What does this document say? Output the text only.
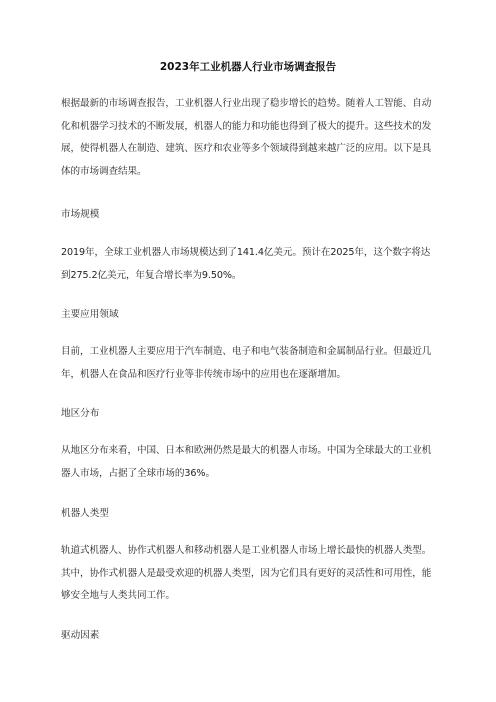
2023年工业机器人行业市场调查报告

根据最新的市场调查报告，工业机器人行业出现了稳步增长的趋势。随着人工智能、自动化和机器学习技术的不断发展，机器人的能力和功能也得到了极大的提升。这些技术的发展，使得机器人在制造、建筑、医疗和农业等多个领域得到越来越广泛的应用。以下是具体的市场调查结果。

市场规模

2019年，全球工业机器人市场规模达到了141.4亿美元。预计在2025年，这个数字将达到275.2亿美元，年复合增长率为9.50%。

主要应用领域

目前，工业机器人主要应用于汽车制造、电子和电气装备制造和金属制品行业。但最近几年，机器人在食品和医疗行业等非传统市场中的应用也在逐渐增加。

地区分布

从地区分布来看，中国、日本和欧洲仍然是最大的机器人市场。中国为全球最大的工业机器人市场，占据了全球市场的36%。

机器人类型

轨道式机器人、协作式机器人和移动机器人是工业机器人市场上增长最快的机器人类型。其中，协作式机器人是最受欢迎的机器人类型，因为它们具有更好的灵活性和可用性，能够安全地与人类共同工作。

驱动因素
